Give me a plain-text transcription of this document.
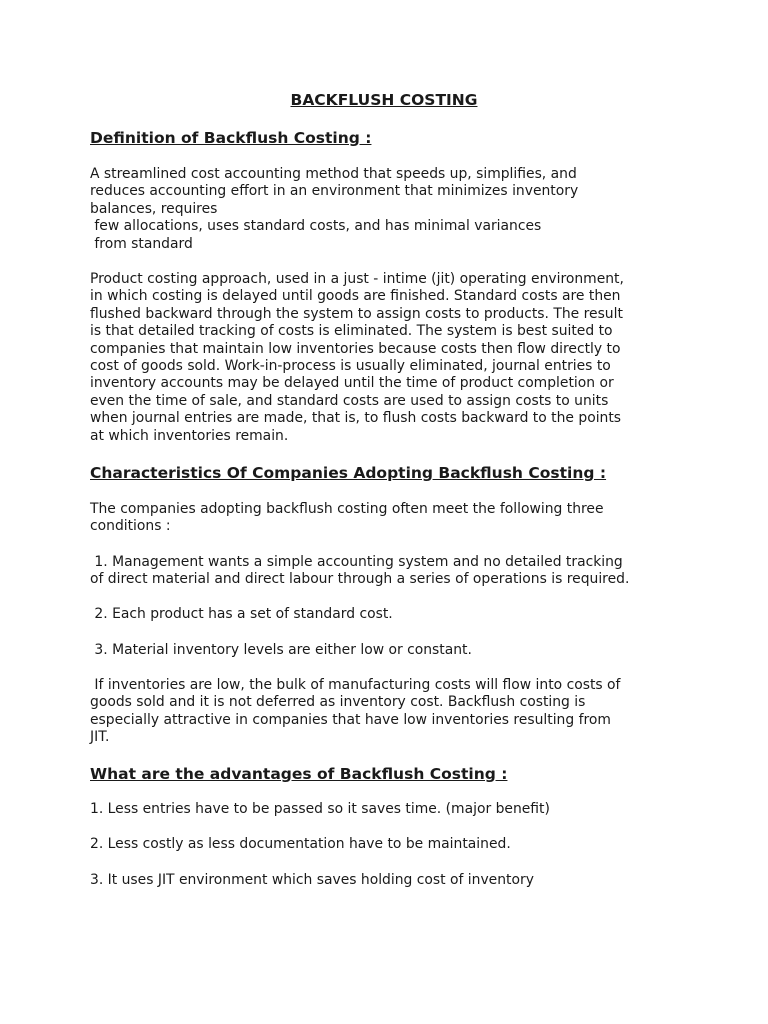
BACKFLUSH COSTING
Definition of Backflush Costing :

A streamlined cost accounting method that speeds up, simplifies, and
reduces accounting effort in an environment that minimizes inventory
balances, requires
few allocations, uses standard costs, and has minimal variances
from standard

Product costing approach, used in a just - intime (jit) operating environment,
in which costing is delayed until goods are finished. Standard costs are then
flushed backward through the system to assign costs to products. The result
is that detailed tracking of costs is eliminated. The system is best suited to
companies that maintain low inventories because costs then flow directly to
cost of goods sold. Work-in-process is usually eliminated, journal entries to
inventory accounts may be delayed until the time of product completion or
even the time of sale, and standard costs are used to assign costs to units
when journal entries are made, that is, to flush costs backward to the points
at which inventories remain.

Characteristics Of Companies Adopting Backflush Costing :

The companies adopting backflush costing often meet the following three
conditions :

1. Management wants a simple accounting system and no detailed tracking
of direct material and direct labour through a series of operations is required.

2. Each product has a set of standard cost.

3. Material inventory levels are either low or constant.

If inventories are low, the bulk of manufacturing costs will flow into costs of
goods sold and it is not deferred as inventory cost. Backflush costing is
especially attractive in companies that have low inventories resulting from
JIT.

What are the advantages of Backflush Costing :

1. Less entries have to be passed so it saves time. (major benefit)

2. Less costly as less documentation have to be maintained.

3. It uses JIT environment which saves holding cost of inventory
